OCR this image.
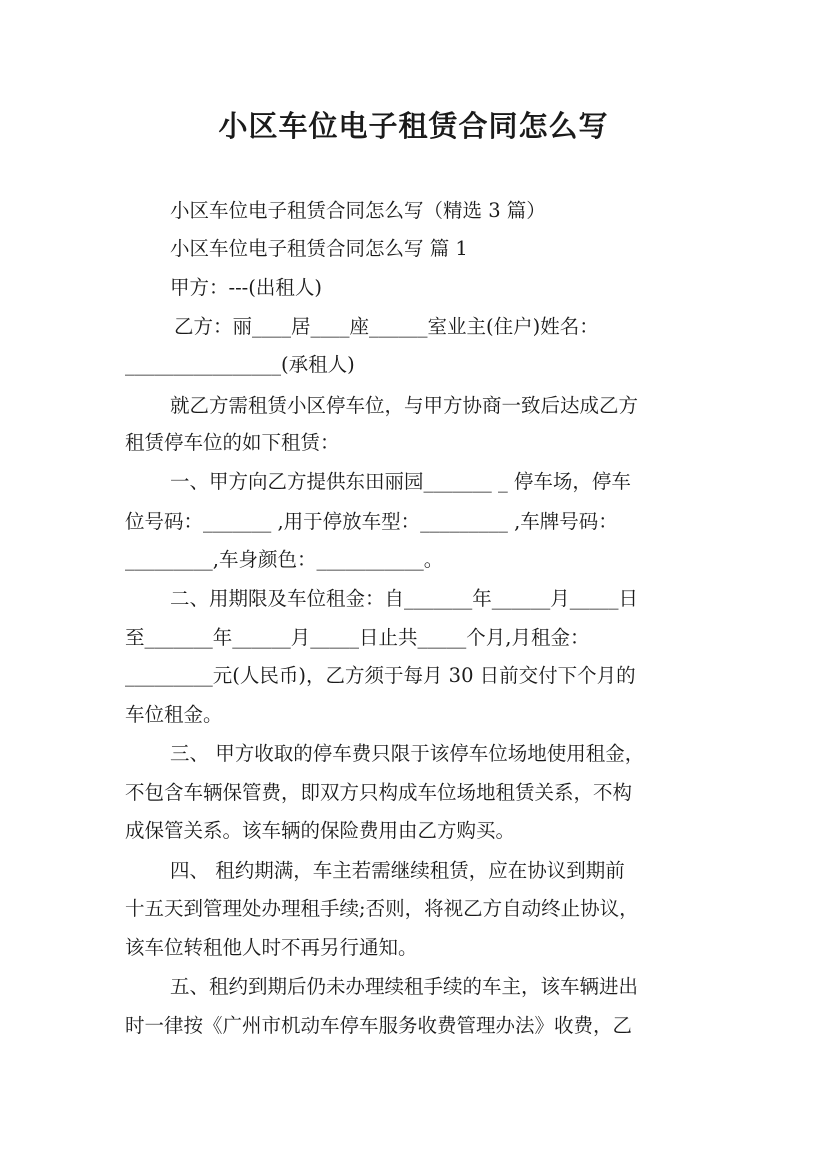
小区车位电子租赁合同怎么写
小区车位电子租赁合同怎么写（精选 3 篇）
小区车位电子租赁合同怎么写 篇 1
甲方：---(出租人)
乙方：丽____居____座______室业主(住户)姓名：
________________(承租人)
就乙方需租赁小区停车位，与甲方协商一致后达成乙方
租赁停车位的如下租赁：
一、甲方向乙方提供东田丽园_______ _ 停车场，停车
位号码：_______ ,用于停放车型：_________ ,车牌号码：
_________,车身颜色：___________。
二、用期限及车位租金：自_______年______月_____日
至_______年______月_____日止共_____个月,月租金：
_________元(人民币)，乙方须于每月 30 日前交付下个月的
车位租金。
三、 甲方收取的停车费只限于该停车位场地使用租金，
不包含车辆保管费，即双方只构成车位场地租赁关系，不构
成保管关系。该车辆的保险费用由乙方购买。
四、 租约期满，车主若需继续租赁，应在协议到期前
十五天到管理处办理租手续;否则，将视乙方自动终止协议，
该车位转租他人时不再另行通知。
五、租约到期后仍未办理续租手续的车主，该车辆进出
时一律按《广州市机动车停车服务收费管理办法》收费，乙
